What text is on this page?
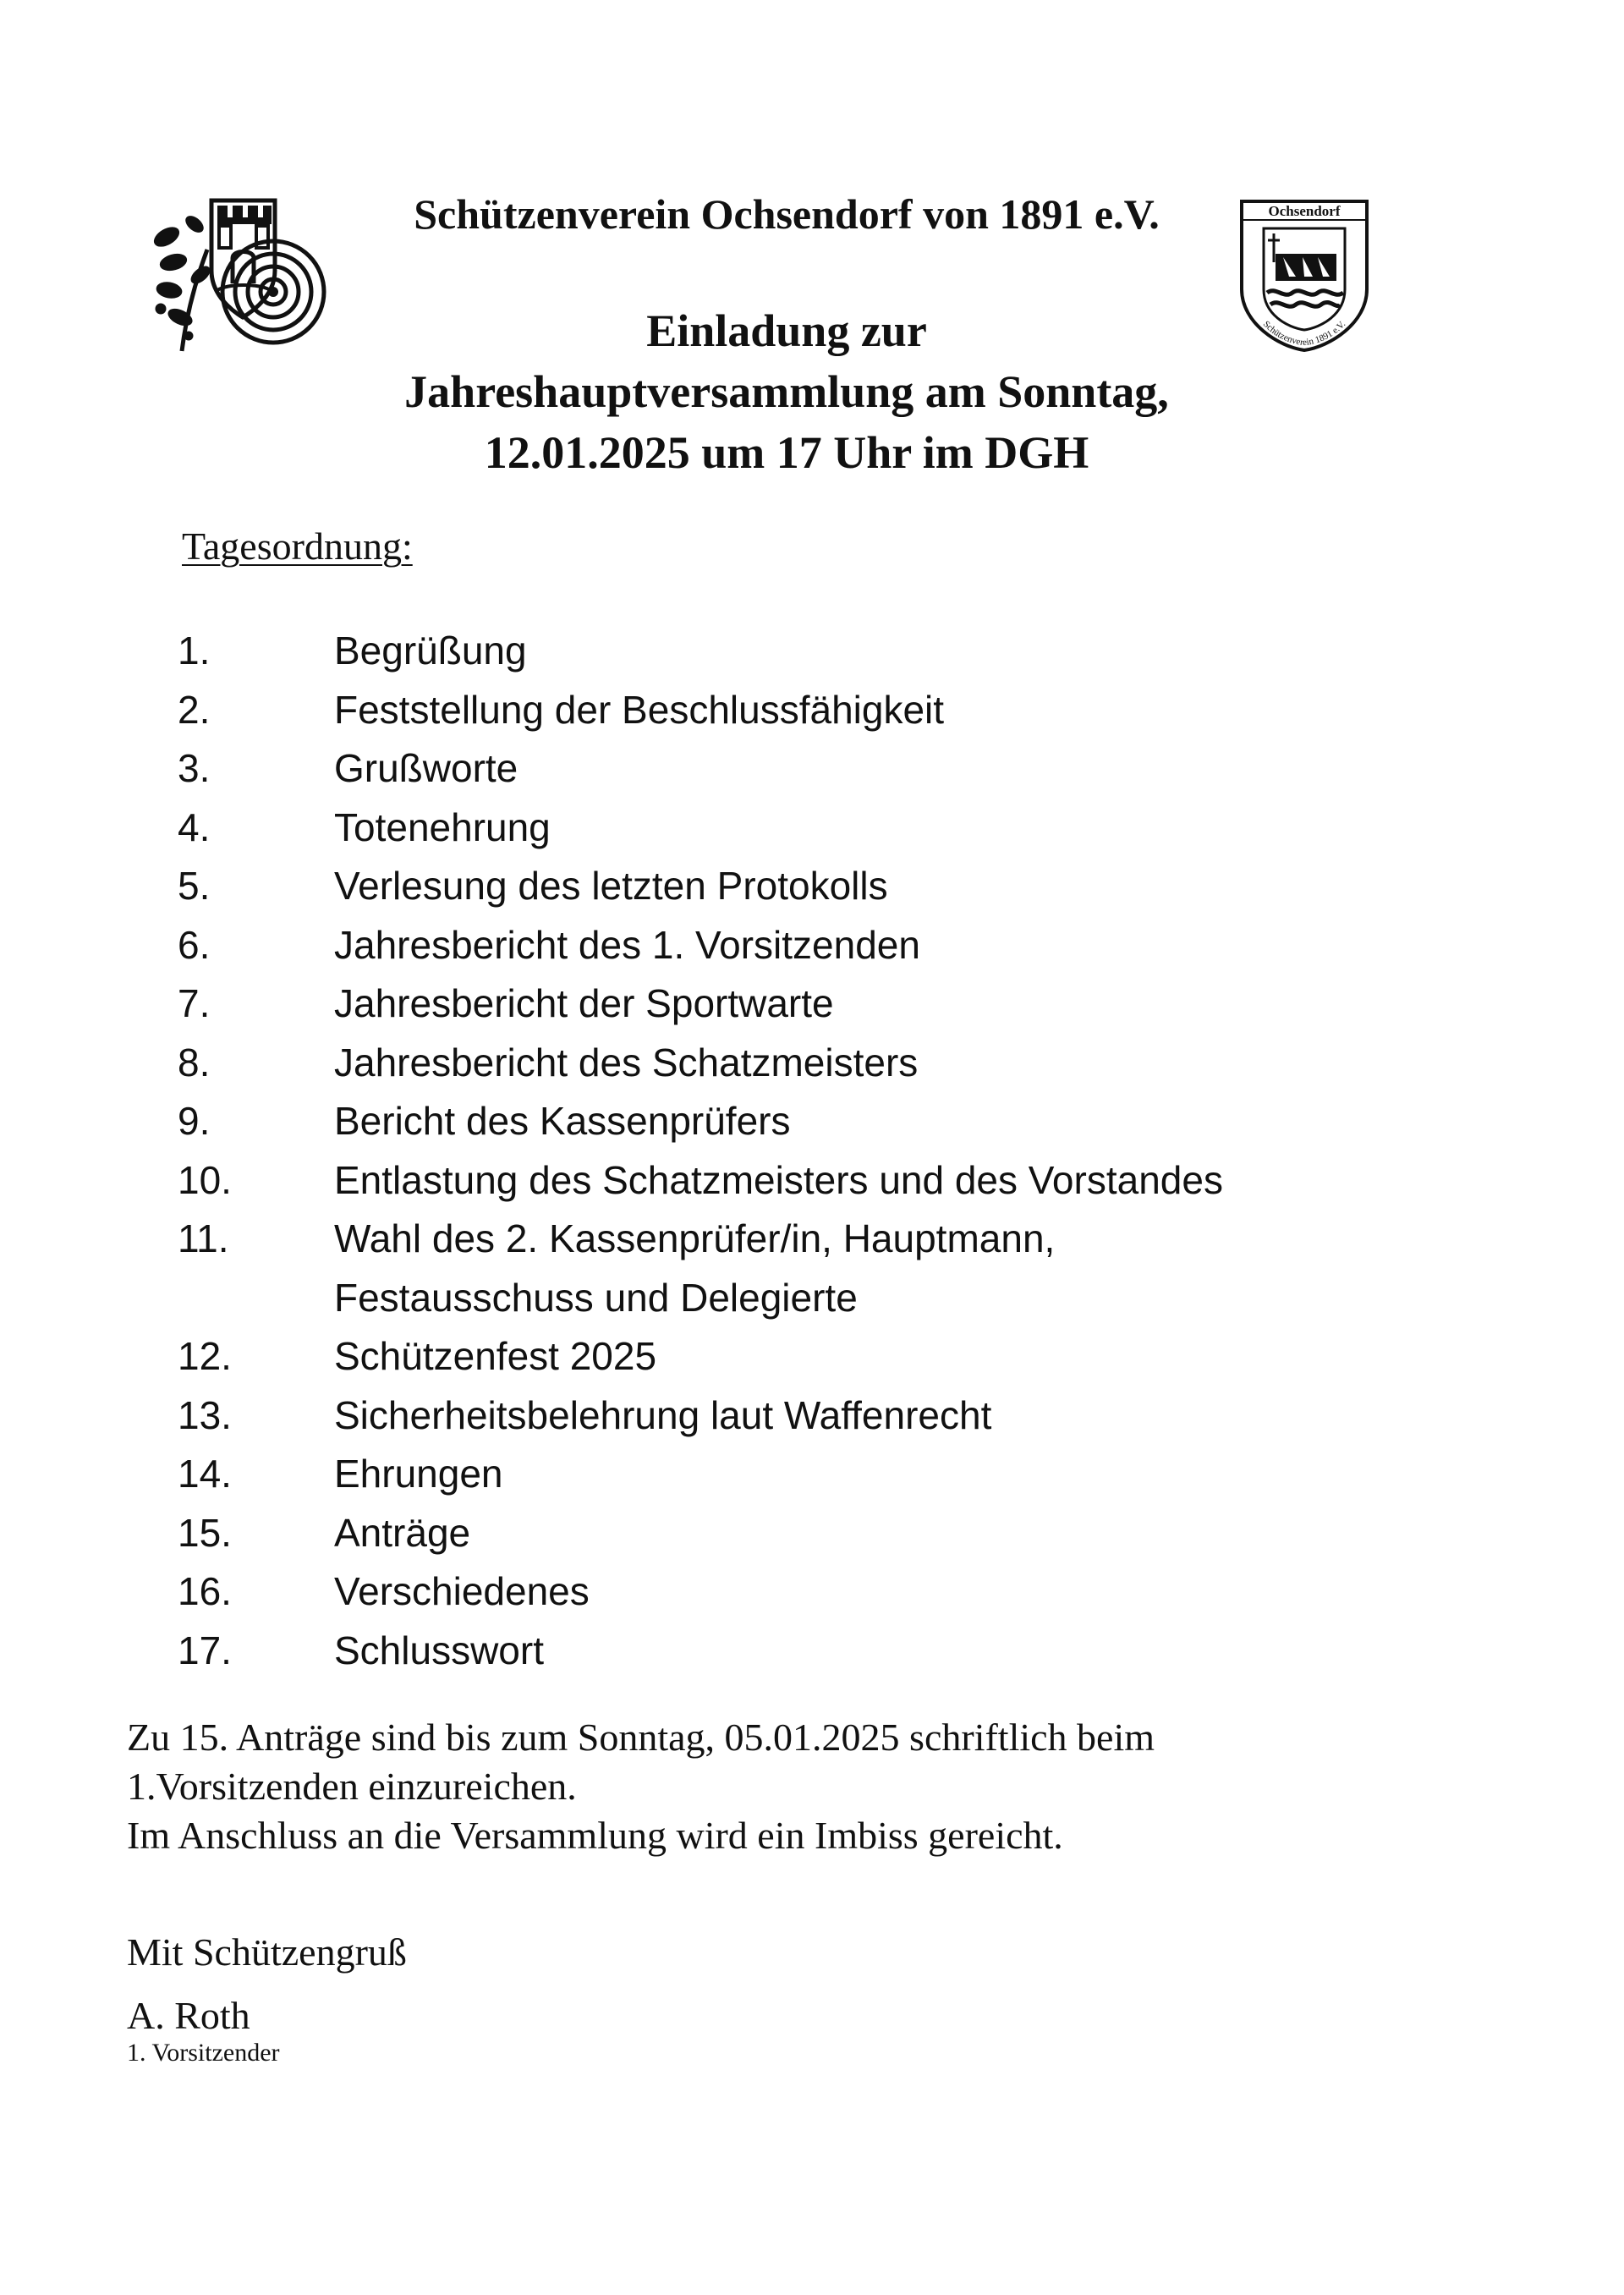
Ochsendorf
Schützenverein 1891 e.V.
Schützenverein Ochsendorf von 1891 e.V.
Einladung zur
Jahreshauptversammlung am Sonntag,
12.01.2025 um 17 Uhr im DGH
Tagesordnung:
1.	Begrüßung
2.	Feststellung der Beschlussfähigkeit
3.	Grußworte
4.	Totenehrung
5.	Verlesung des letzten Protokolls
6.	Jahresbericht des 1. Vorsitzenden
7.	Jahresbericht der Sportwarte
8.	Jahresbericht des Schatzmeisters
9.	Bericht des Kassenprüfers
10.	Entlastung des Schatzmeisters und des Vorstandes
11.	Wahl des 2. Kassenprüfer/in, Hauptmann,
Festausschuss und Delegierte
12.	Schützenfest 2025
13.	Sicherheitsbelehrung laut Waffenrecht
14.	Ehrungen
15.	Anträge
16.	Verschiedenes
17.	Schlusswort
Zu 15. Anträge sind bis zum Sonntag, 05.01.2025 schriftlich beim
1.Vorsitzenden einzureichen.
Im Anschluss an die Versammlung wird ein Imbiss gereicht.
Mit Schützengruß
A. Roth
1. Vorsitzender
